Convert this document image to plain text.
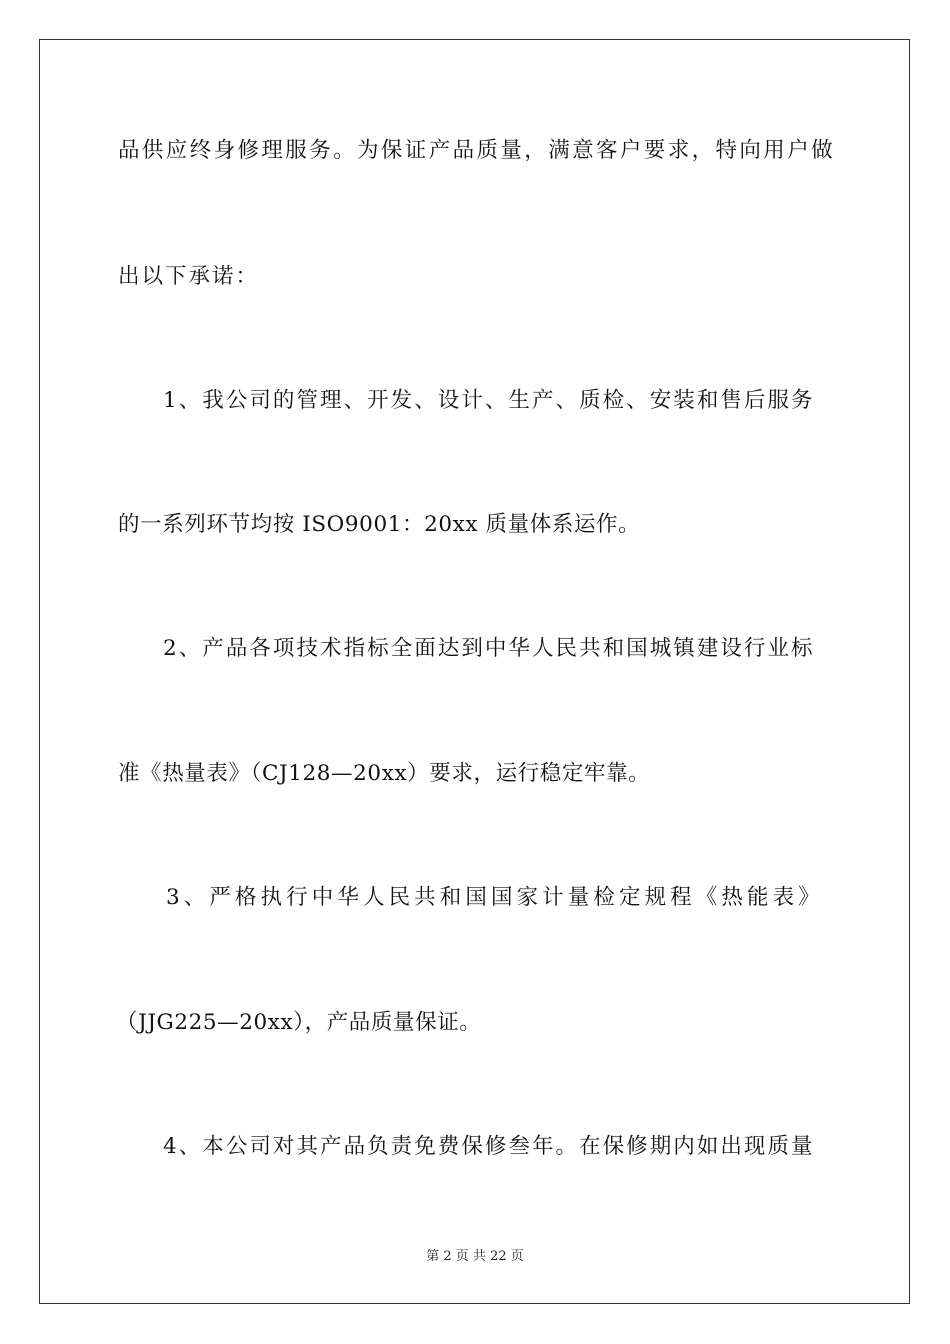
品供应终身修理服务。为保证产品质量，满意客户要求，特向用户做
出以下承诺：
1、我公司的管理、开发、设计、生产、质检、安装和售后服务
的一系列环节均按 ISO9001：20xx 质量体系运作。
2、产品各项技术指标全面达到中华人民共和国城镇建设行业标
准《热量表》（CJ128—20xx）要求，运行稳定牢靠。
3、严格执行中华人民共和国国家计量检定规程《热能表》
（JJG225—20xx），产品质量保证。
4、本公司对其产品负责免费保修叁年。在保修期内如出现质量
第 2 页 共 22 页
